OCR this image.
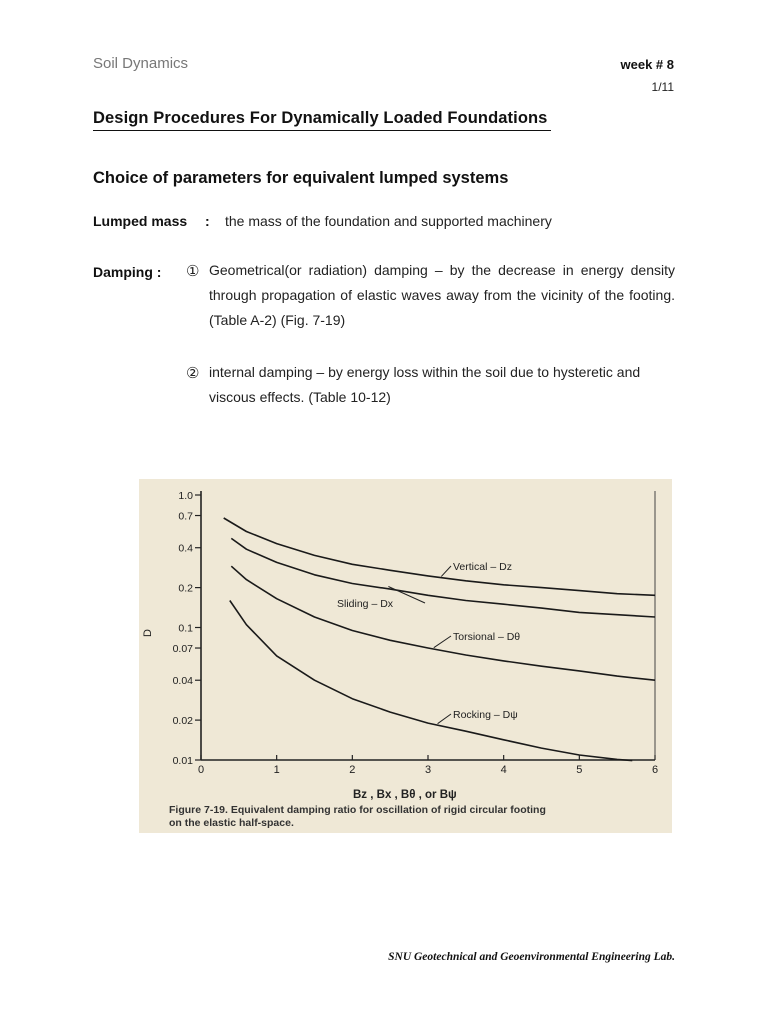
Soil Dynamics	week # 8
1/11
Design Procedures For Dynamically Loaded Foundations
Choice of parameters for equivalent lumped systems
Lumped mass : the mass of the foundation and supported machinery
Damping : ① Geometrical(or radiation) damping – by the decrease in energy density through propagation of elastic waves away from the vicinity of the footing. (Table A-2) (Fig. 7-19)
② internal damping – by energy loss within the soil due to hysteretic and viscous effects. (Table 10-12)
1.0
0.7
0.4
0.2
0.1
0.07
0.04
0.02
0.01
0	1	2	3	4	5	6
Vertical – Dz
Sliding – Dx
Torsional – Dθ
Rocking – Dψ
D
Bz , Bx , Bθ , or Bψ
Figure 7-19. Equivalent damping ratio for oscillation of rigid circular footing
on the elastic half-space.
SNU Geotechnical and Geoenvironmental Engineering Lab.
